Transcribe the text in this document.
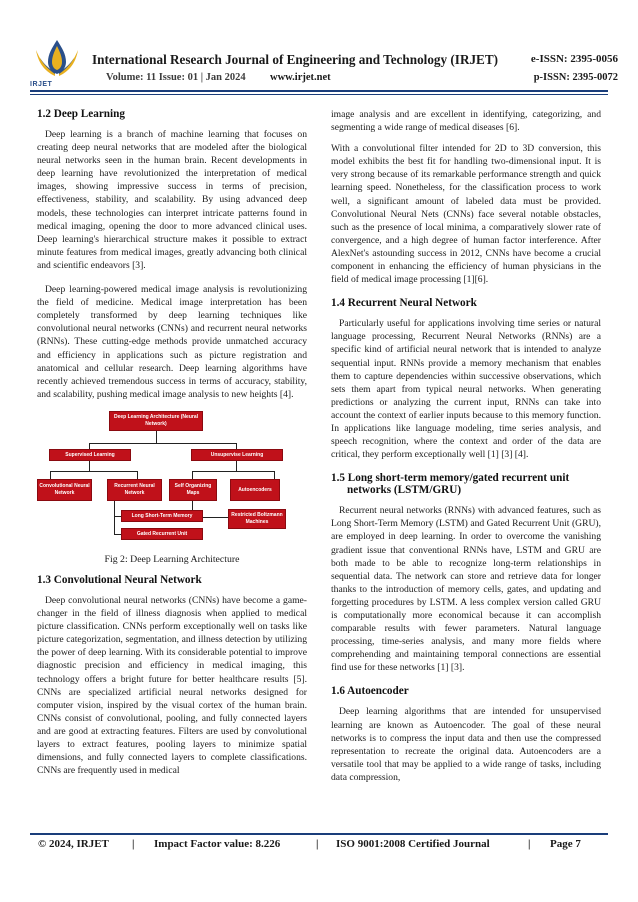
IRJET
International Research Journal of Engineering and Technology (IRJET)	e-ISSN: 2395-0056
Volume: 11 Issue: 01 | Jan 2024 www.irjet.net	p-ISSN: 2395-0072
1.2 Deep Learning

Deep learning is a branch of machine learning that focuses on creating deep neural networks that are modeled after the biological neural networks seen in the human brain. Recent developments in deep learning have revolutionized the interpretation of medical images, showing impressive success in terms of precision, effectiveness, stability, and scalability. By using advanced deep models, these technologies can interpret intricate patterns found in medical imaging, opening the door to more advanced clinical uses. Deep learning's hierarchical structure makes it possible to extract minute features from medical images, greatly advancing both clinical and scientific endeavors [3].

Deep learning-powered medical image analysis is revolutionizing the field of medicine. Medical image interpretation has been completely transformed by deep learning techniques like convolutional neural networks (CNNs) and recurrent neural networks (RNNs). These cutting-edge methods provide unmatched accuracy and efficiency in applications such as picture registration and anatomical and cellular research. Deep learning algorithms have recently achieved tremendous success in terms of accuracy, stability, and scalability, pushing medical image analysis to new heights [4].

Deep Learning Architecture (Neural Network)
Supervised Learning	Unsupervise Learning
Convolutional Neural Network
Recurrent Neural Network
Self Organizing Maps
Autoencoders
Long Short-Term Memory
Gated Recurrent Unit
Restricted Boltzmann Machines
Fig 2: Deep Learning Architecture
1.3 Convolutional Neural Network

Deep convolutional neural networks (CNNs) have become a game-changer in the field of illness diagnosis when applied to medical picture classification. CNNs perform exceptionally well on tasks like picture categorization, segmentation, and illness detection by utilizing the power of deep learning. With its considerable potential to improve diagnostic precision and efficiency in medical imaging, this technology offers a bright future for better healthcare results [5]. CNNs are specialized artificial neural networks designed for computer vision, inspired by the visual cortex of the human brain. CNNs consist of convolutional, pooling, and fully connected layers and are good at extracting features. Filters are used by convolutional layers to extract features, pooling layers to minimize spatial dimensions, and fully connected layers to complete classifications. CNNs are frequently used in medical

image analysis and are excellent in identifying, categorizing, and segmenting a wide range of medical diseases [6].

With a convolutional filter intended for 2D to 3D conversion, this model exhibits the best fit for handling two-dimensional input. It is very strong because of its remarkable performance strength and quick learning speed. Nonetheless, for the classification process to work well, a significant amount of labeled data must be provided. Convolutional Neural Nets (CNNs) face several notable obstacles, such as the presence of local minima, a comparatively slower rate of convergence, and a high degree of human factor interference. After AlexNet's astounding success in 2012, CNNs have become a crucial component in enhancing the efficiency of human physicians in the field of medical image processing [1][6].

1.4 Recurrent Neural Network

Particularly useful for applications involving time series or natural language processing, Recurrent Neural Networks (RNNs) are a specific kind of artificial neural network that is intended to analyze sequential input. RNNs provide a memory mechanism that enables them to capture dependencies within successive observations, which sets them apart from typical neural networks. When generating predictions or analyzing the current input, RNNs can take into account the context of earlier inputs because to this memory function. In applications like language modeling, time series analysis, and speech recognition, where the context and order of the data are critical, they perform exceptionally well [1] [3] [4].

1.5 Long short-term memory/gated recurrent unit networks (LSTM/GRU)

Recurrent neural networks (RNNs) with advanced features, such as Long Short-Term Memory (LSTM) and Gated Recurrent Unit (GRU), are employed in deep learning. In order to overcome the vanishing gradient issue that conventional RNNs have, LSTM and GRU are both made to be able to recognize long-term relationships in sequential data. The network can store and retrieve data for longer thanks to the introduction of memory cells, gates, and updating and forgetting procedures by LSTM. A less complex version called GRU is computationally more economical because it can accomplish comparable results with fewer parameters. Natural language processing, time-series analysis, and many more fields where comprehending and maintaining temporal connections are essential find use for these networks [1] [3].

1.6 Autoencoder

Deep learning algorithms that are intended for unsupervised learning are known as Autoencoder. The goal of these neural networks is to compress the input data and then use the compressed representation to recreate the original data. Autoencoders are a versatile tool that may be applied to a wide range of tasks, including data compression,

© 2024, IRJET | Impact Factor value: 8.226	| ISO 9001:2008 Certified Journal	| Page 7
